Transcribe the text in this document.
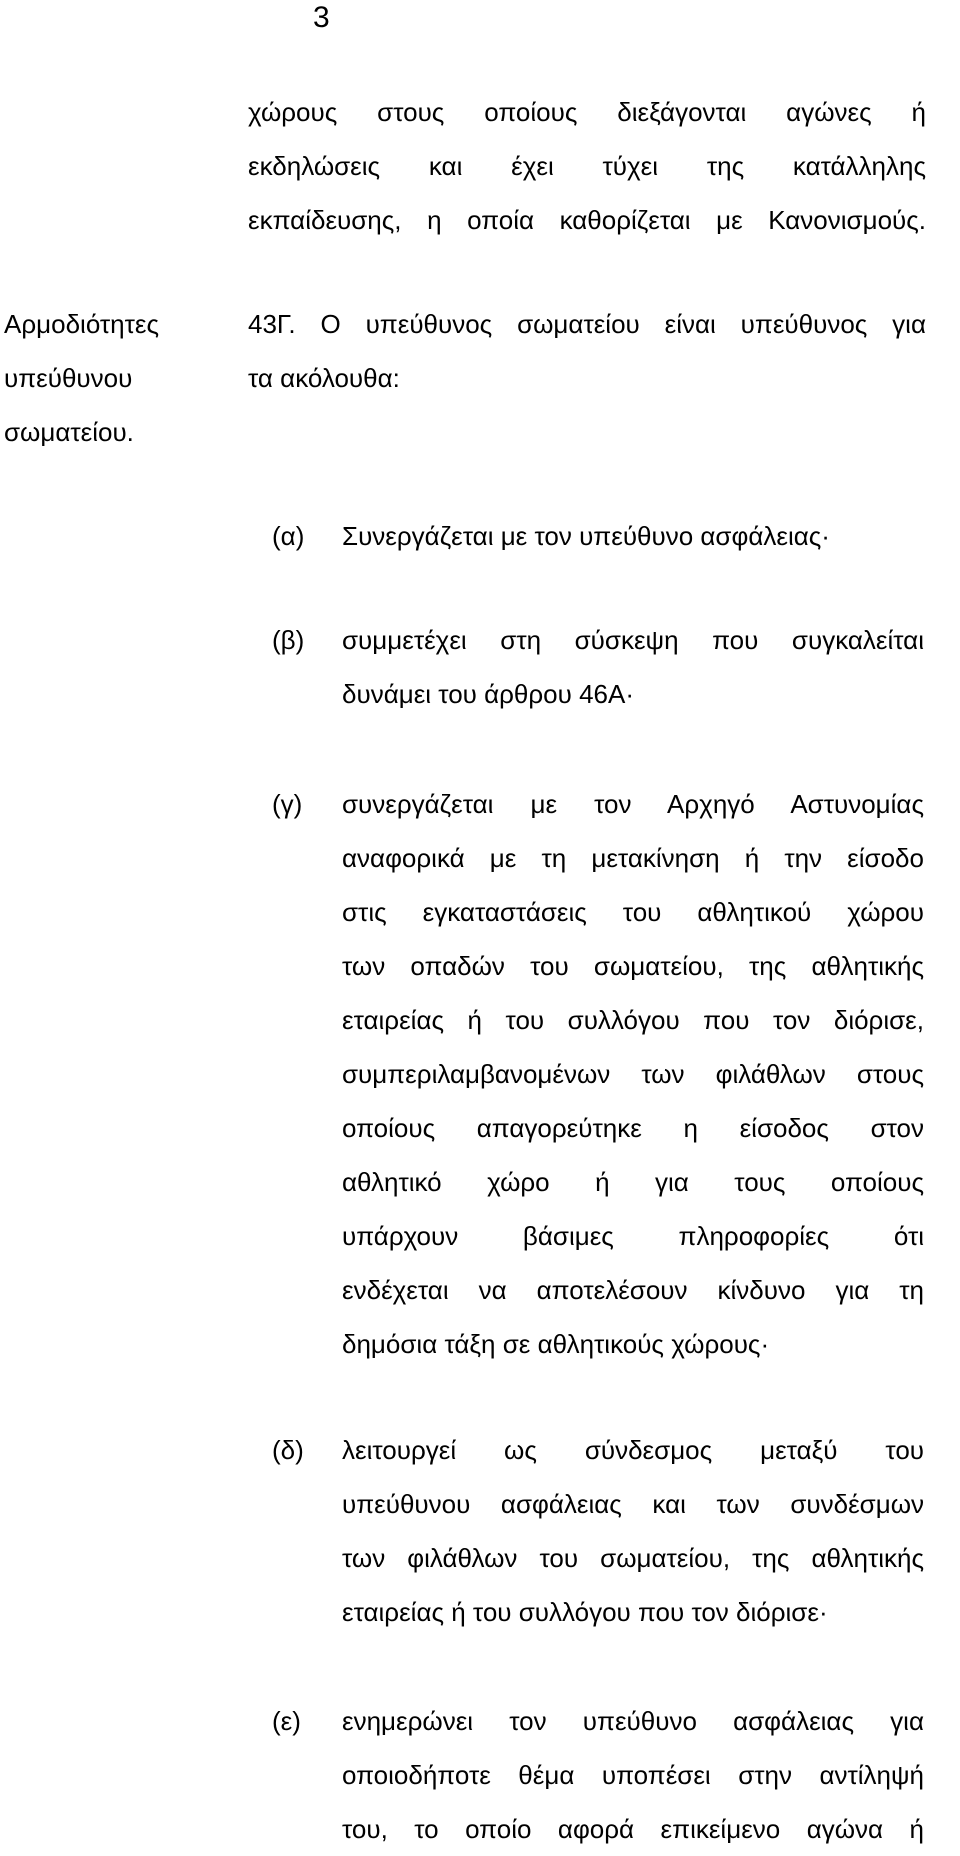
3
χώρους στους οποίους διεξάγονται αγώνες ή
εκδηλώσεις και έχει τύχει της κατάλληλης
εκπαίδευσης, η οποία καθορίζεται με Κανονισμούς.
Αρμοδιότητες
υπεύθυνου
σωματείου.
43Γ. Ο υπεύθυνος σωματείου είναι υπεύθυνος για
τα ακόλουθα:
(α) Συνεργάζεται με τον υπεύθυνο ασφάλειας·
(β) συμμετέχει στη σύσκεψη που συγκαλείται
δυνάμει του άρθρου 46Α·
(γ) συνεργάζεται με τον Αρχηγό Αστυνομίας
αναφορικά με τη μετακίνηση ή την είσοδο
στις εγκαταστάσεις του αθλητικού χώρου
των οπαδών του σωματείου, της αθλητικής
εταιρείας ή του συλλόγου που τον διόρισε,
συμπεριλαμβανομένων των φιλάθλων στους
οποίους απαγορεύτηκε η είσοδος στον
αθλητικό χώρο ή για τους οποίους
υπάρχουν βάσιμες πληροφορίες ότι
ενδέχεται να αποτελέσουν κίνδυνο για τη
δημόσια τάξη σε αθλητικούς χώρους·
(δ) λειτουργεί ως σύνδεσμος μεταξύ του
υπεύθυνου ασφάλειας και των συνδέσμων
των φιλάθλων του σωματείου, της αθλητικής
εταιρείας ή του συλλόγου που τον διόρισε·
(ε) ενημερώνει τον υπεύθυνο ασφάλειας για
οποιοδήποτε θέμα υποπέσει στην αντίληψή
του, το οποίο αφορά επικείμενο αγώνα ή
